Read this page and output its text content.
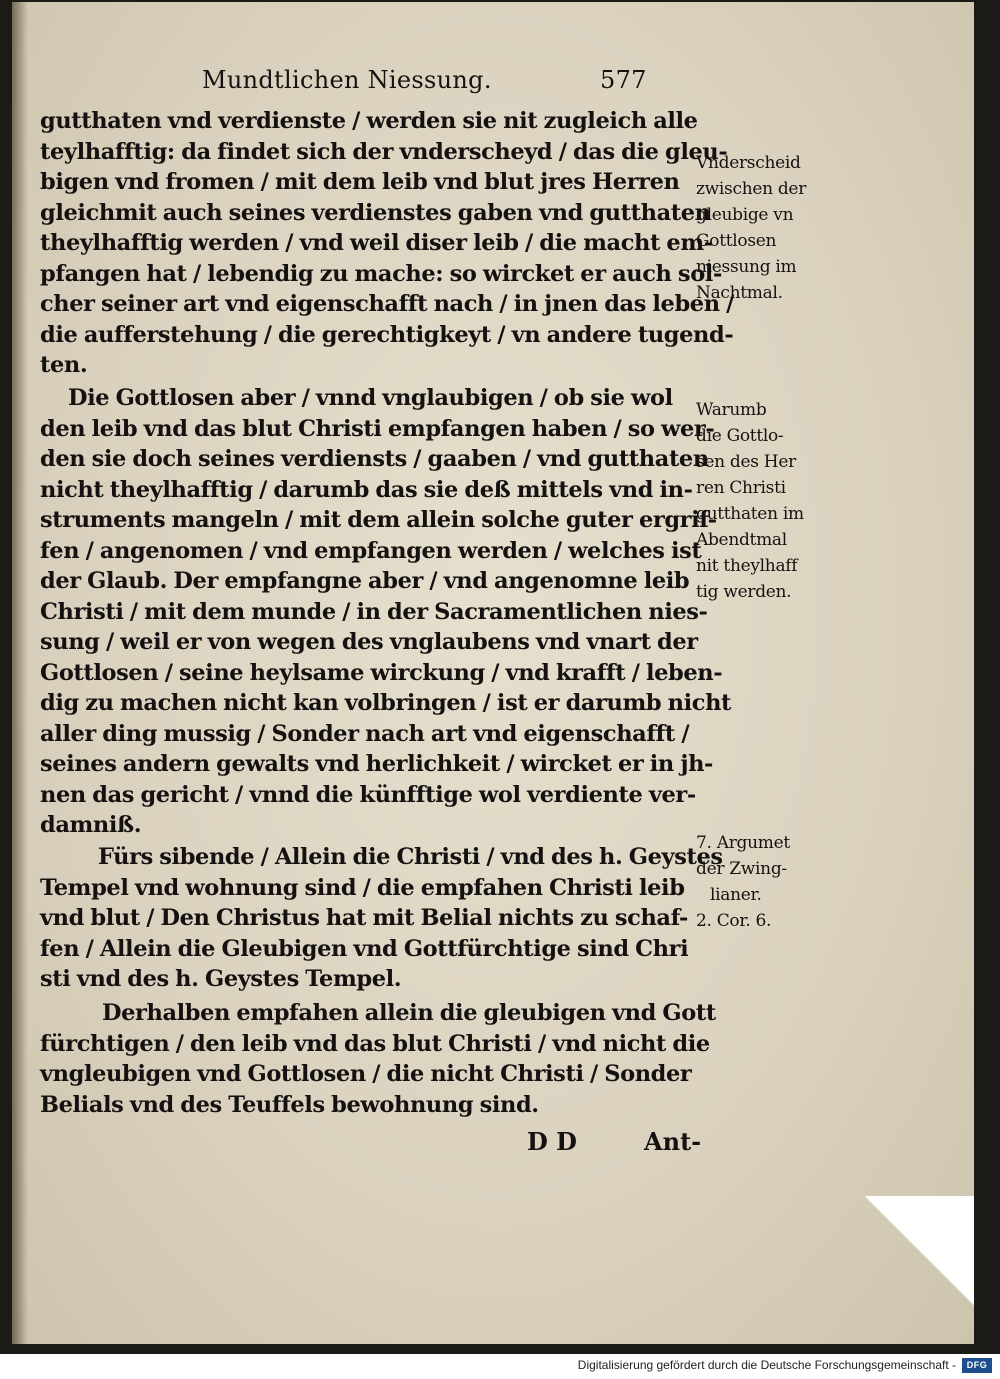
Mundtlichen Niessung.	577
gutthaten vnd verdienste / werden sie nit zugleich alle
teylhafftig: da findet sich der vnderscheyd / das die gleu-
bigen vnd fromen / mit dem leib vnd blut jres Herren
gleichmit auch seines verdienstes gaben vnd gutthaten
theylhafftig werden / vnd weil diser leib / die macht em-
pfangen hat / lebendig zu mache: so wircket er auch sol-
cher seiner art vnd eigenschafft nach / in jnen das leben /
die aufferstehung / die gerechtigkeyt / vn andere tugend-
ten.
Die Gottlosen aber / vnnd vnglaubigen / ob sie wol
den leib vnd das blut Christi empfangen haben / so wer-
den sie doch seines verdiensts / gaaben / vnd gutthaten
nicht theylhafftig / darumb das sie deß mittels vnd in-
struments mangeln / mit dem allein solche guter ergrif-
fen / angenomen / vnd empfangen werden / welches ist
der Glaub. Der empfangne aber / vnd angenomne leib
Christi / mit dem munde / in der Sacramentlichen nies-
sung / weil er von wegen des vnglaubens vnd vnart der
Gottlosen / seine heylsame wirckung / vnd krafft / leben-
dig zu machen nicht kan volbringen / ist er darumb nicht
aller ding mussig / Sonder nach art vnd eigenschafft /
seines andern gewalts vnd herlichkeit / wircket er in jh-
nen das gericht / vnnd die künfftige wol verdiente ver-
damniß.
Fürs sibende / Allein die Christi / vnd des h. Geystes
Tempel vnd wohnung sind / die empfahen Christi leib
vnd blut / Den Christus hat mit Belial nichts zu schaf-
fen / Allein die Gleubigen vnd Gottfürchtige sind Chri
sti vnd des h. Geystes Tempel.
Derhalben empfahen allein die gleubigen vnd Gott
fürchtigen / den leib vnd das blut Christi / vnd nicht die
vngleubigen vnd Gottlosen / die nicht Christi / Sonder
Belials vnd des Teuffels bewohnung sind.
Vnderscheid
zwischen der
gleubige vn
Gottlosen
niessung im
Nachtmal.
Warumb
die Gottlo-
sen des Her
ren Christi
gutthaten im
Abendtmal
nit theylhaff
tig werden.
7. Argumet
der Zwing-
lianer.
2. Cor. 6.
D D	Ant-
Digitalisierung gefördert durch die Deutsche Forschungsgemeinschaft -	DFG
